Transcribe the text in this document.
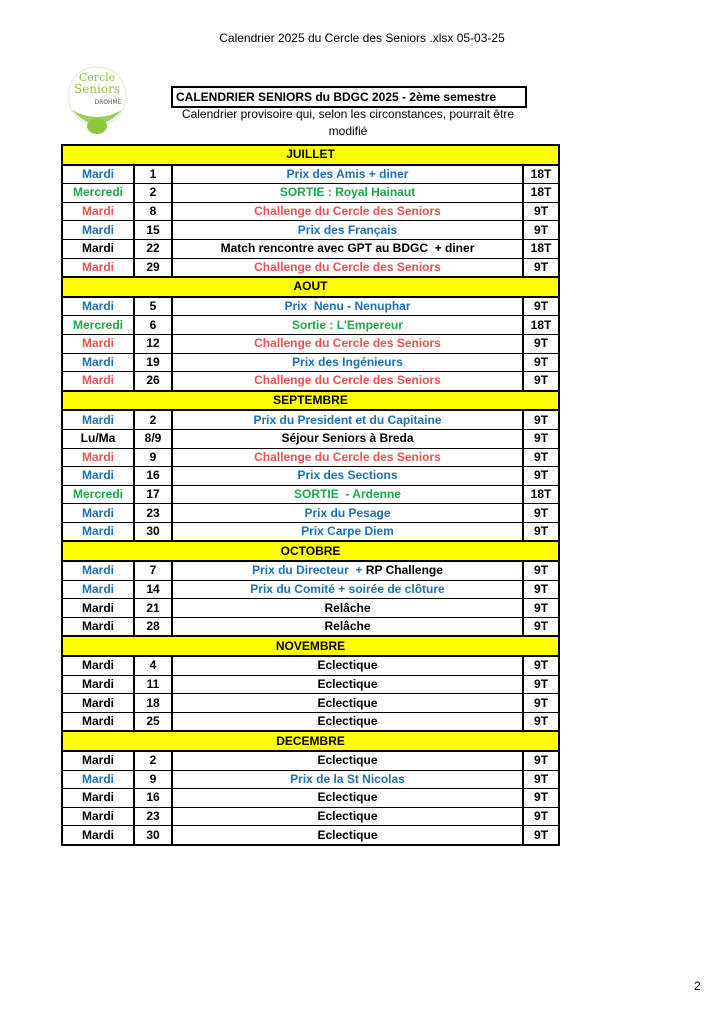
Calendrier 2025 du Cercle des Seniors .xlsx 05-03-25
Cercle
Seniors
DROHME	CALENDRIER SENIORS du BDGC 2025 - 2ème semestre
Calendrier provisoire qui, selon les circonstances, pourrait être
modifié
JUILLET			
Mardi	1	Prix des Amis + diner	18T
Mercredi	2	SORTIE : Royal Hainaut	18T
Mardi	8	Challenge du Cercle des Seniors	9T
Mardi	15	Prix des Français	9T
Mardi	22	Match rencontre avec GPT au BDGC  + diner	18T
Mardi	29	Challenge du Cercle des Seniors	9T
AOUT			
Mardi	5	Prix  Nenu - Nenuphar	9T
Mercredi	6	Sortie : L'Empereur	18T
Mardi	12	Challenge du Cercle des Seniors	9T
Mardi	19	Prix des Ingénieurs	9T
Mardi	26	Challenge du Cercle des Seniors	9T
SEPTEMBRE			
Mardi	2	Prix du President et du Capitaine	9T
Lu/Ma	8/9	Séjour Seniors à Breda	9T
Mardi	9	Challenge du Cercle des Seniors	9T
Mardi	16	Prix des Sections	9T
Mercredi	17	SORTIE  - Ardenne	18T
Mardi	23	Prix du Pesage	9T
Mardi	30	Prix Carpe Diem	9T
OCTOBRE			
Mardi	7	Prix du Directeur  + RP Challenge	9T
Mardi	14	Prix du Comité + soirée de clôture	9T
Mardi	21	Relâche	9T
Mardi	28	Relâche	9T
NOVEMBRE			
Mardi	4	Eclectique	9T
Mardi	11	Eclectique	9T
Mardi	18	Eclectique	9T
Mardi	25	Eclectique	9T
DECEMBRE			
Mardi	2	Eclectique	9T
Mardi	9	Prix de la St Nicolas	9T
Mardi	16	Eclectique	9T
Mardi	23	Eclectique	9T
Mardi	30	Eclectique	9T
2
